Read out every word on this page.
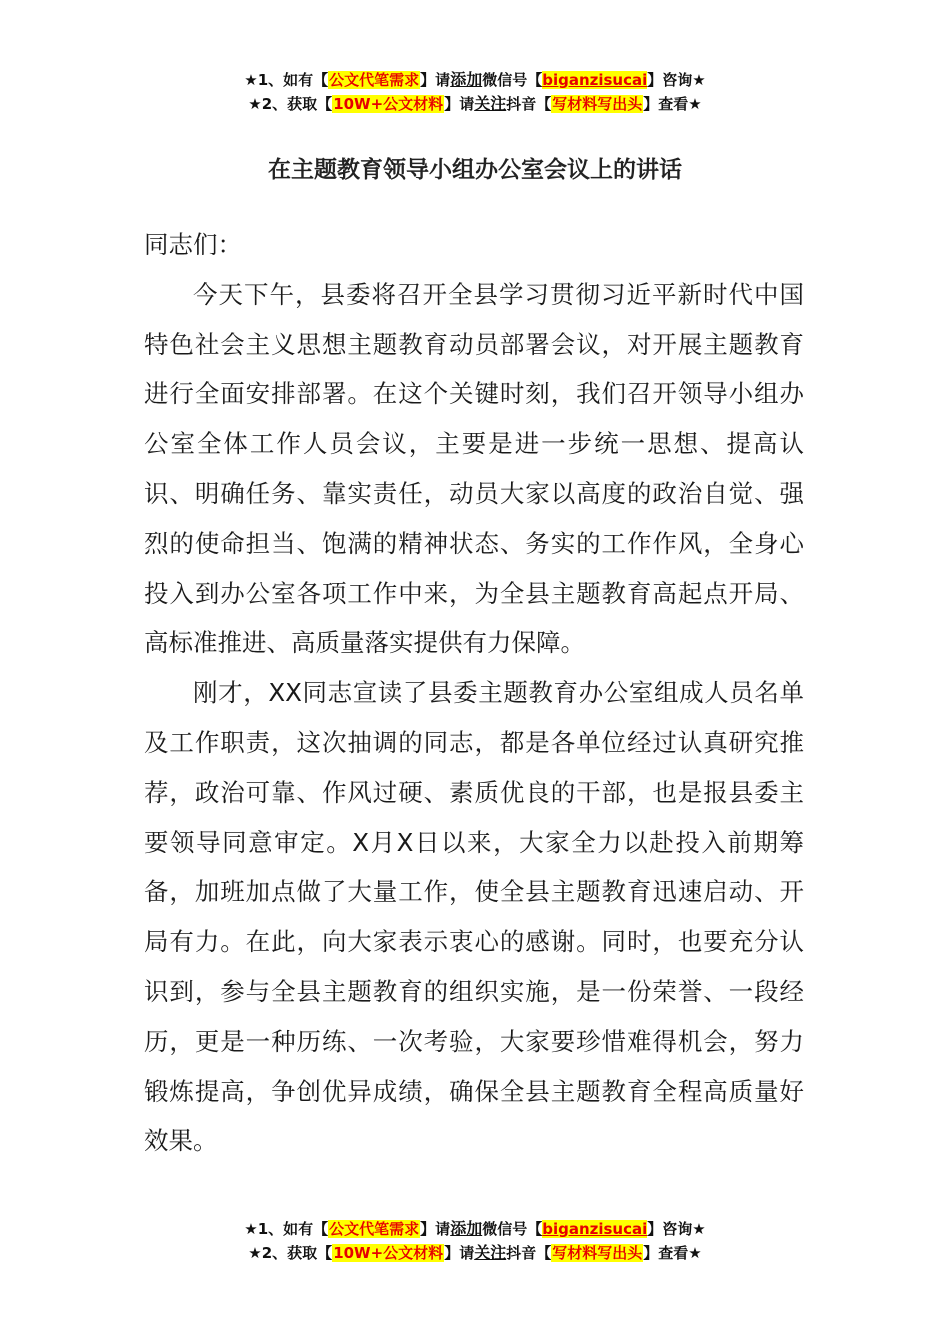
★1、如有【公文代笔需求】请添加微信号【biganzisucai】咨询★
★2、获取【10W+公文材料】请关注抖音【写材料写出头】查看★
在主题教育领导小组办公室会议上的讲话

同志们：

今天下午，县委将召开全县学习贯彻习近平新时代中国特色社会主义思想主题教育动员部署会议，对开展主题教育进行全面安排部署。在这个关键时刻，我们召开领导小组办公室全体工作人员会议，主要是进一步统一思想、提高认识、明确任务、靠实责任，动员大家以高度的政治自觉、强烈的使命担当、饱满的精神状态、务实的工作作风，全身心投入到办公室各项工作中来，为全县主题教育高起点开局、高标准推进、高质量落实提供有力保障。

刚才，XX同志宣读了县委主题教育办公室组成人员名单及工作职责，这次抽调的同志，都是各单位经过认真研究推荐，政治可靠、作风过硬、素质优良的干部，也是报县委主要领导同意审定。X月X日以来，大家全力以赴投入前期筹备，加班加点做了大量工作，使全县主题教育迅速启动、开局有力。在此，向大家表示衷心的感谢。同时，也要充分认识到，参与全县主题教育的组织实施，是一份荣誉、一段经历，更是一种历练、一次考验，大家要珍惜难得机会，努力锻炼提高，争创优异成绩，确保全县主题教育全程高质量好效果。

★1、如有【公文代笔需求】请添加微信号【biganzisucai】咨询★
★2、获取【10W+公文材料】请关注抖音【写材料写出头】查看★
